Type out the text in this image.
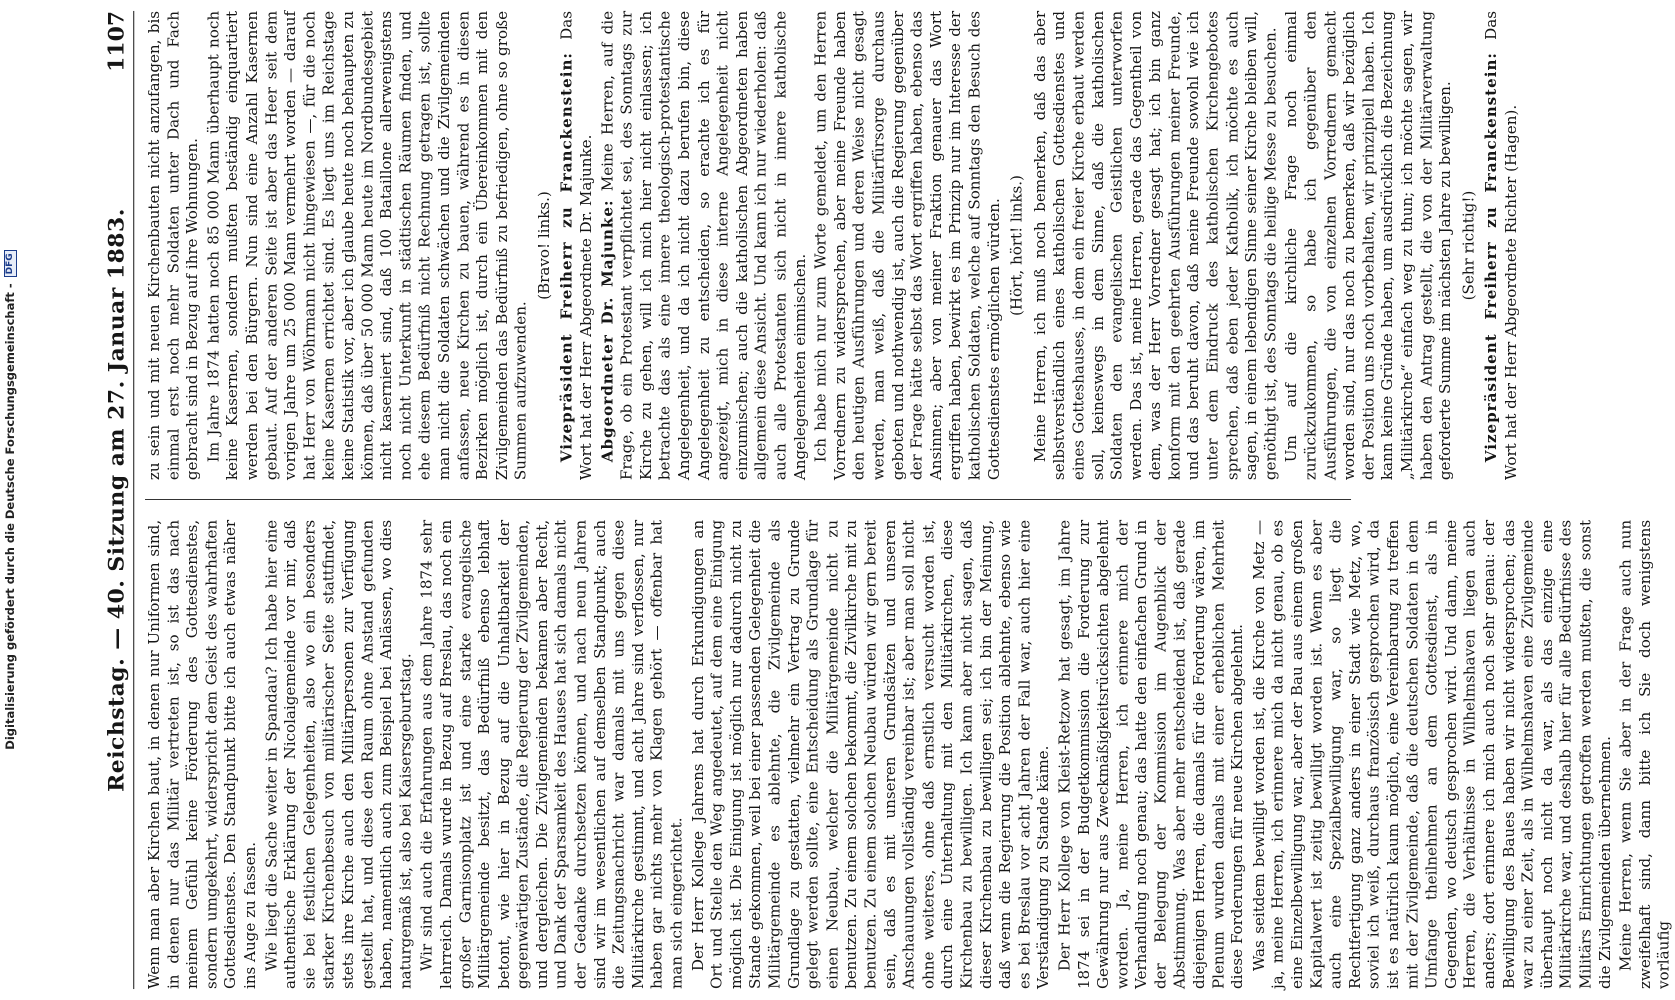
Digitalisierung gefördert durch die Deutsche Forschungsgemeinschaft -
DFG	Reichstag. — 40. Sitzung am 27. Januar 1883.
1107

Wenn man aber Kirchen baut, in denen nur Uniformen sind, in denen nur das Militär vertreten ist, so ist das nach meinem Gefühl keine Förderung des Gottesdienstes, sondern umgekehrt, widerspricht dem Geist des wahrhaften Gottesdienstes. Den Standpunkt bitte ich auch etwas näher ins Auge zu fassen. Wie liegt die Sache weiter in Spandau? Ich habe hier eine authentische Erklärung der Nicolaigemeinde vor mir, daß sie bei festlichen Gelegenheiten, also wo ein besonders starker Kirchenbesuch von militärischer Seite stattfindet, stets ihre Kirche auch den Militärpersonen zur Verfügung gestellt hat, und diese den Raum ohne Anstand gefunden haben, namentlich auch zum Beispiel bei Anlässen, wo dies naturgemäß ist, also bei Kaisersgeburtstag. Wir sind auch die Erfahrungen aus dem Jahre 1874 sehr lehrreich. Damals wurde in Bezug auf Breslau, das noch ein großer Garnisonplatz ist und eine starke evangelische Militärgemeinde besitzt, das Bedürfniß ebenso lebhaft betont, wie hier in Bezug auf die Unhaltbarkeit der gegenwärtigen Zustände, die Regierung der Zivilgemeinden, und dergleichen. Die Zivilgemeinden bekamen aber Recht, und Dank der Sparsamkeit des Hauses hat sich damals nicht der Gedanke durchsetzen können, und nach neun Jahren sind wir im wesentlichen auf demselben Standpunkt; auch die Zeitungsnachricht war damals mit uns gegen diese Militärkirche gestimmt, und acht Jahre sind verflossen, nur haben gar nichts mehr von Klagen gehört — offenbar hat man sich eingerichtet. Der Herr Kollege Jahrens hat durch Erkundigungen an Ort und Stelle den Weg angedeutet, auf dem eine Einigung möglich ist. Die Einigung ist möglich nur dadurch nicht zu Stande gekommen, weil bei einer passenden Gelegenheit die Militärgemeinde es ablehnte, die Zivilgemeinde als Grundlage zu gestatten, vielmehr ein Vertrag zu Grunde gelegt werden sollte, eine Entscheidung als Grundlage für einen Neubau, welcher die Militärgemeinde nicht zu benutzen. Zu einem solchen bekommt, die Zivilkirche mit zu benutzen. Zu einem solchen Neubau würden wir gern bereit sein, daß es mit unseren Grundsätzen und unseren Anschauungen vollständig vereinbar ist; aber man soll nicht ohne weiteres, ohne daß ernstlich versucht worden ist, durch eine Unterhaltung mit den Militärkirchen, diese Kirchenbau zu bewilligen. Ich kann aber nicht sagen, daß dieser Kirchenbau zu bewilligen sei; ich bin der Meinung, daß wenn die Regierung die Position ablehnte, ebenso wie es bei Breslau vor acht Jahren der Fall war, auch hier eine Verständigung zu Stande käme. Der Herr Kollege von Kleist-Retzow hat gesagt, im Jahre 1874 sei in der Budgetkommission die Forderung zur Gewährung nur aus Zweckmäßigkeitsrücksichten abgelehnt worden. Ja, meine Herren, ich erinnere mich der Verhandlung noch genau; das hatte den einfachen Grund in der Belegung der Kommission im Augenblick der Abstimmung. Was aber mehr entscheidend ist, daß gerade diejenigen Herren, die damals für die Forderung wären, im Plenum wurden damals mit einer erheblichen Mehrheit diese Forderungen für neue Kirchen abgelehnt. Was seitdem bewilligt worden ist, die Kirche von Metz — ja, meine Herren, ich erinnere mich da nicht genau, ob es eine Einzelbewilligung war, aber der Bau aus einem großen Kapitalwert ist zeitig bewilligt worden ist. Wenn es aber auch eine Spezialbewilligung war, so liegt die Rechtfertigung ganz anders in einer Stadt wie Metz, wo, soviel ich weiß, durchaus französisch gesprochen wird, da ist es natürlich kaum möglich, eine Vereinbarung zu treffen mit der Zivilgemeinde, daß die deutschen Soldaten in dem Umfange theilnehmen an dem Gottesdienst, als in Gegenden, wo deutsch gesprochen wird. Und dann, meine Herren, die Verhältnisse in Wilhelmshaven liegen auch anders; dort erinnere ich mich auch noch sehr genau: der Bewilligung des Baues haben wir nicht widersprochen; das war zu einer Zeit, als in Wilhelmshaven eine Zivilgemeinde überhaupt noch nicht da war, als das einzige eine Militärkirche war, und deshalb hier für alle Bedürfnisse des Militärs Einrichtungen getroffen werden mußten, die sonst die Zivilgemeinden übernehmen. Meine Herren, wenn Sie aber in der Frage auch nun zweifelhaft sind, dann bitte ich Sie doch wenigstens vorläufig

zu sein und mit neuen Kirchenbauten nicht anzufangen, bis einmal erst noch mehr Soldaten unter Dach und Fach gebracht sind in Bezug auf ihre Wohnungen. Im Jahre 1874 hatten noch 85 000 Mann überhaupt noch keine Kasernen, sondern mußten beständig einquartiert werden bei den Bürgern. Nun sind eine Anzahl Kasernen gebaut. Auf der anderen Seite ist aber das Heer seit dem vorigen Jahre um 25 000 Mann vermehrt worden — darauf hat Herr von Wöhrmann nicht hingewiesen —, für die noch keine Kasernen errichtet sind. Es liegt uns im Reichstage keine Statistik vor, aber ich glaube heute noch behaupten zu können, daß über 50 000 Mann heute im Nordbundesgebiet nicht kaserniert sind, daß 100 Bataillone allerwenigstens noch nicht Unterkunft in städtischen Räumen finden, und ehe diesem Bedürfniß nicht Rechnung getragen ist, sollte man nicht die Soldaten schwächen und die Zivilgemeinden anfassen, neue Kirchen zu bauen, während es in diesen Bezirken möglich ist, durch ein Übereinkommen mit den Zivilgemeinden das Bedürfniß zu befriedigen, ohne so große Summen aufzuwenden.

(Bravo! links.) Vizepräsident Freiherr zu Franckenstein: Das Wort hat der Herr Abgeordnete Dr. Majunke. Abgeordneter Dr. Majunke: Meine Herren, auf die Frage, ob ein Protestant verpflichtet sei, des Sonntags zur Kirche zu gehen, will ich mich hier nicht einlassen; ich betrachte das als eine innere theologisch-protestantische Angelegenheit, und da ich nicht dazu berufen bin, diese Angelegenheit zu entscheiden, so erachte ich es für angezeigt, mich in diese interne Angelegenheit nicht einzumischen; auch die katholischen Abgeordneten haben allgemein diese Ansicht. Und kann ich nur wiederholen: daß auch alle Protestanten sich nicht in innere katholische Angelegenheiten einmischen. Ich habe mich nur zum Worte gemeldet, um den Herren Vorrednern zu widersprechen, aber meine Freunde haben den heutigen Ausführungen und deren Weise nicht gesagt werden, man weiß, daß die Militärfürsorge durchaus geboten und nothwendig ist, auch die Regierung gegenüber der Frage hätte selbst das Wort ergriffen haben, ebenso das Ansinnen; aber von meiner Fraktion genauer das Wort ergriffen haben, bewirkt es im Prinzip nur im Interesse der katholischen Soldaten, welche auf Sonntags den Besuch des Gottesdienstes ermöglichen würden. (Hört, hört! links.) Meine Herren, ich muß noch bemerken, daß das aber selbstverständlich eines katholischen Gottesdienstes und eines Gotteshauses, in dem ein freier Kirche erbaut werden soll, keineswegs in dem Sinne, daß die katholischen Soldaten den evangelischen Geistlichen unterworfen werden. Das ist, meine Herren, gerade das Gegentheil von dem, was der Herr Vorredner gesagt hat; ich bin ganz konform mit den geehrten Ausführungen meiner Freunde, und das beruht davon, daß meine Freunde sowohl wie ich unter dem Eindruck des katholischen Kirchengebotes sprechen, daß eben jeder Katholik, ich möchte es auch sagen, in einem lebendigen Sinne seiner Kirche bleiben will, genöthigt ist, des Sonntags die heilige Messe zu besuchen. Um auf die kirchliche Frage noch einmal zurückzukommen, so habe ich gegenüber den Ausführungen, die von einzelnen Vorrednern gemacht worden sind, nur das noch zu bemerken, daß wir bezüglich der Position uns noch vorbehalten, wir prinzipiell haben. Ich kann keine Gründe haben, um ausdrücklich die Bezeichnung „Militärkirche“ einfach weg zu thun; ich möchte sagen, wir haben den Antrag gestellt, die von der Militärverwaltung geforderte Summe im nächsten Jahre zu bewilligen. (Sehr richtig!) Vizepräsident Freiherr zu Franckenstein: Das Wort hat der Herr Abgeordnete Richter (Hagen).
